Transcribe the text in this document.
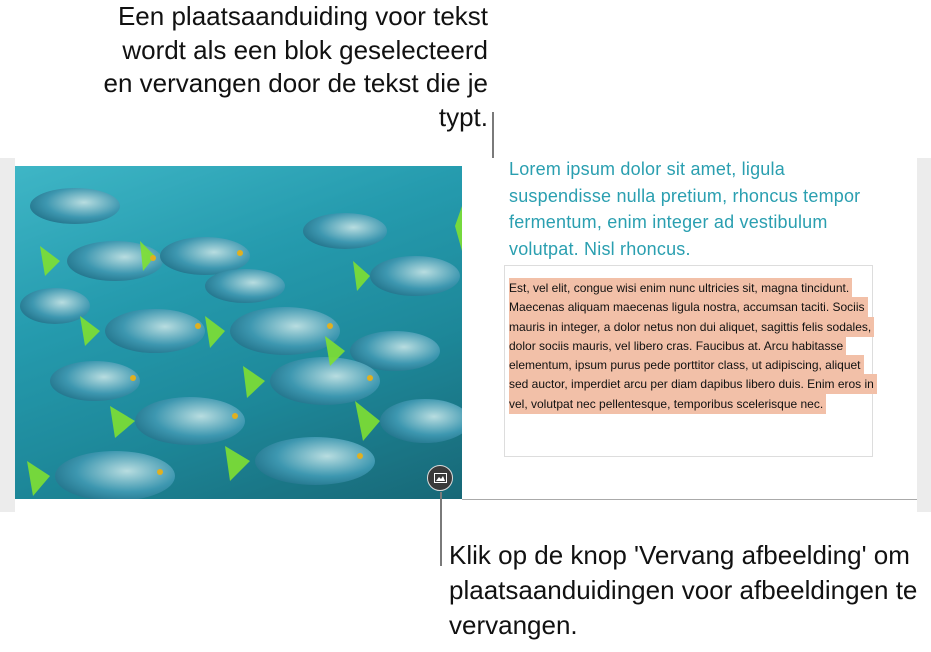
Een plaatsaanduiding voor tekst wordt als een blok geselecteerd en vervangen door de tekst die je typt.
Lorem ipsum dolor sit amet, ligula suspendisse nulla pretium, rhoncus tempor fermentum, enim integer ad vestibulum volutpat. Nisl rhoncus.
Est, vel elit, congue wisi enim nunc ultricies sit, magna tincidunt. Maecenas aliquam maecenas ligula nostra, accumsan taciti. Sociis mauris in integer, a dolor netus non dui aliquet, sagittis felis sodales, dolor sociis mauris, vel libero cras. Faucibus at. Arcu habitasse elementum, ipsum purus pede porttitor class, ut adipiscing, aliquet sed auctor, imperdiet arcu per diam dapibus libero duis. Enim eros in vel, volutpat nec pellentesque, temporibus scelerisque nec.
Klik op de knop 'Vervang afbeelding' om plaatsaanduidingen voor afbeeldingen te vervangen.
